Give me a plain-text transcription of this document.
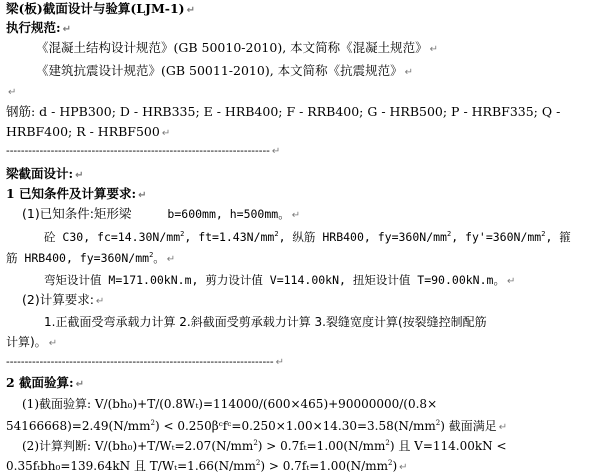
梁(板)截面设计与验算(LJM-1) ↵
执行规范: ↵
《混凝土结构设计规范》(GB 50010-2010), 本文简称《混凝土规范》 ↵
《建筑抗震设计规范》(GB 50011-2010), 本文简称《抗震规范》 ↵
↵
钢筋: d - HPB300; D - HRB335; E - HRB400; F - RRB400; G - HRB500; P - HRBF335; Q -
HRBF400; R - HRBF500 ↵
----------------------------------------------------------------------- ↵
梁截面设计: ↵
1 已知条件及计算要求: ↵
(1)已知条件:矩形梁	b=600mm, h=500mm。 ↵
砼 C30, $fc=14.30N/mm^2$, $ft=1.43N/mm^2$, 纵筋 HRB400, $fy=360N/mm^2$, $fy'=360N/mm^2$, 箍
筋 HRB400, $fy=360N/mm^2$。 ↵
弯矩设计值 M=171.00kN.m, 剪力设计值 V=114.00kN, 扭矩设计值 T=90.00kN.m。 ↵
(2)计算要求: ↵
1.正截面受弯承载力计算 2.斜截面受剪承载力计算 3.裂缝宽度计算(按裂缝控制配筋
计算)。 ↵
------------------------------------------------------------------------ ↵
2 截面验算: ↵
(1)截面验算: V/(bh₀)+T/(0.8Wₜ)=114000/(600×465)+90000000/(0.8×
$54166668)=2.49(N/mm^2)$ < $0.250\beta ᶜfᶜ=0.250\times 1.00\times 14.30=3.58(N/mm^2)$ 截面满足 ↵
(2)计算判断: $V/(bh_0)+T/W_t=2.07(N/mm^2) > 0.7f_t=1.00(N/mm^2)$ 且 V=114.00kN <
0.35fₜbh₀=139.64kN 且 $T/W_t=1.66(N/mm^2) > 0.7f_t=1.00(N/mm^2)$ ↵
